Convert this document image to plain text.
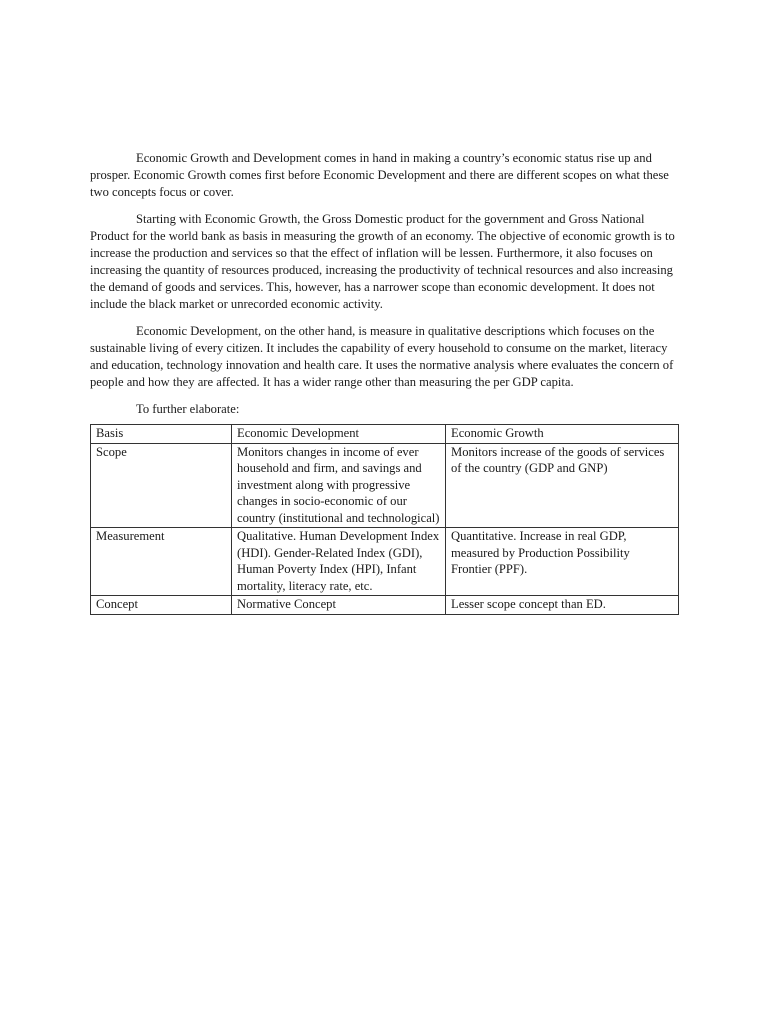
Economic Growth and Development comes in hand in making a country’s economic status rise up and prosper. Economic Growth comes first before Economic Development and there are different scopes on what these two concepts focus or cover.

Starting with Economic Growth, the Gross Domestic product for the government and Gross National Product for the world bank as basis in measuring the growth of an economy. The objective of economic growth is to increase the production and services so that the effect of inflation will be lessen. Furthermore, it also focuses on increasing the quantity of resources produced, increasing the productivity of technical resources and also increasing the demand of goods and services. This, however, has a narrower scope than economic development. It does not include the black market or unrecorded economic activity.

Economic Development, on the other hand, is measure in qualitative descriptions which focuses on the sustainable living of every citizen. It includes the capability of every household to consume on the market, literacy and education, technology innovation and health care. It uses the normative analysis where evaluates the concern of people and how they are affected. It has a wider range other than measuring the per GDP capita.

To further elaborate:

Basis	Economic Development	Economic Growth
Scope	Monitors changes in income of ever household and firm, and savings and investment along with progressive changes in socio-economic of our country (institutional and technological)	Monitors increase of the goods of services of the country (GDP and GNP)
Measurement	Qualitative. Human Development Index (HDI). Gender-Related Index (GDI), Human Poverty Index (HPI), Infant mortality, literacy rate, etc.	Quantitative. Increase in real GDP, measured by Production Possibility Frontier (PPF).
Concept	Normative Concept	Lesser scope concept than ED.
